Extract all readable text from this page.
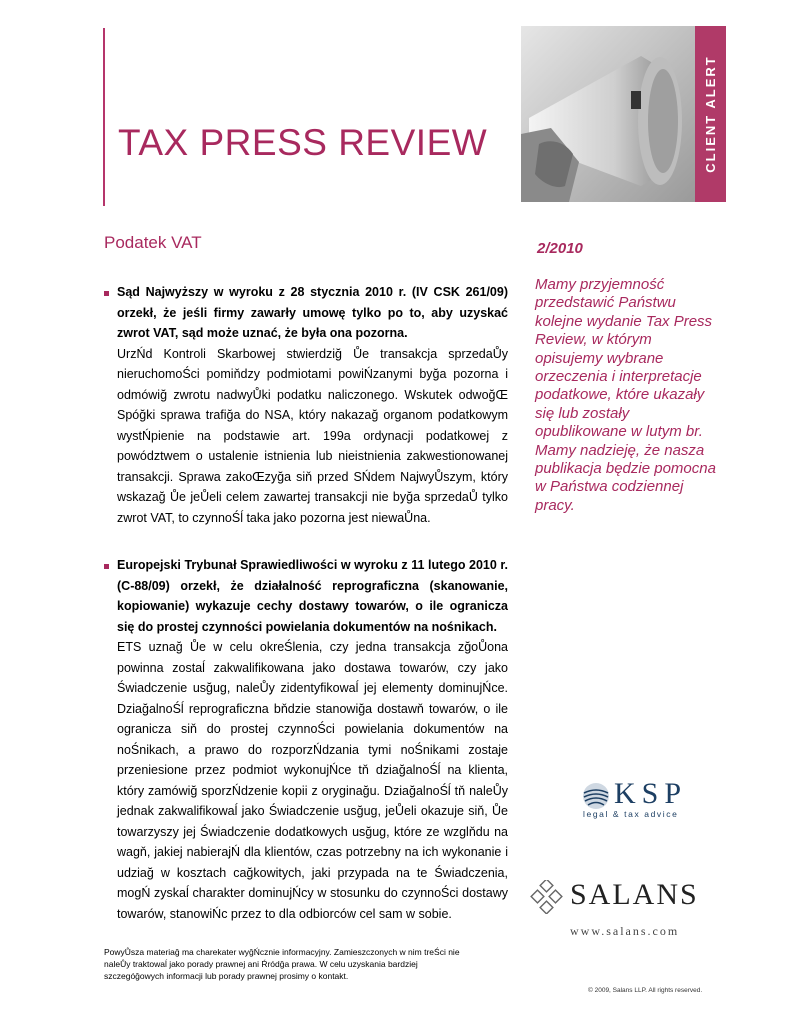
TAX PRESS REVIEW	CLIENT ALERT
Podatek VAT	2/2010
Mamy przyjemność przedstawić Państwu kolejne wydanie Tax Press Review, w którym opisujemy wybrane orzeczenia i interpretacje podatkowe, które ukazały się lub zostały opublikowane w lutym br. Mamy nadzieję, że nasza publikacja będzie pomocna w Państwa codziennej pracy.
Sąd Najwyższy w wyroku z 28 stycznia 2010 r. (IV CSK 261/09) orzekł, że jeśli firmy zawarły umowę tylko po to, aby uzyskać zwrot VAT, sąd może uznać, że była ona pozorna.
UrzŃd Kontroli Skarbowej stwierdziğ Ůe transakcja sprzedaŮy nieruchomoŚci pomiňdzy podmiotami powiŃzanymi byğa pozorna i odmówiğ zwrotu nadwyŮki podatku naliczonego. Wskutek odwoğŒ Spóğki sprawa trafiğa do NSA, który nakazağ organom podatkowym wystŃpienie na podstawie art. 199a ordynacji podatkowej z powództwem o ustalenie istnienia lub nieistnienia zakwestionowanej transakcji. Sprawa zakoŒzyğa siň przed SŃdem NajwyŮszym, który wskazağ Ůe jeŮeli celem zawartej transakcji nie byğa sprzedaŮ tylko zwrot VAT, to czynnoŚĺ taka jako pozorna jest niewaŮna.
Europejski Trybunał Sprawiedliwości w wyroku z 11 lutego 2010 r. (C-88/09) orzekł, że działalność reprograficzna (skanowanie, kopiowanie) wykazuje cechy dostawy towarów, o ile ogranicza się do prostej czynności powielania dokumentów na nośnikach.
ETS uznağ Ůe w celu okreŚlenia, czy jedna transakcja zğoŮona powinna zostaĺ zakwalifikowana jako dostawa towarów, czy jako Świadczenie usğug, naleŮy zidentyfikowaĺ jej elementy dominujŃce. DziağalnoŚĺ reprograficzna bňdzie stanowiğa dostawň towarów, o ile ogranicza siň do prostej czynnoŚci powielania dokumentów na noŚnikach, a prawo do rozporzŃdzania tymi noŚnikami zostaje przeniesione przez podmiot wykonujŃce tň dziağalnoŚĺ na klienta, który zamówiğ sporzŃdzenie kopii z oryginağu. DziağalnoŚĺ tň naleŮy jednak zakwalifikowaĺ jako Świadczenie usğug, jeŮeli okazuje siň, Ůe towarzyszy jej Świadczenie dodatkowych usğug, które ze wzglňdu na wagň, jakiej nabierajŃ dla klientów, czas potrzebny na ich wykonanie i udziağ w kosztach cağkowitych, jaki przypada na te Świadczenia, mogŃ zyskaĺ charakter dominujŃcy w stosunku do czynnoŚci dostawy towarów, stanowiŃc przez to dla odbiorców cel sam w sobie.
PowyŮsza materiağ ma charekater wyğŃcznie informacyjny. Zamieszczonych w nim treŚci nie naleŮy traktowaĺ jako porady prawnej ani Ŕródğa prawa. W celu uzyskania bardziej szczegóğowych informacji lub porady prawnej prosimy o kontakt.
KSP
legal & tax advice
SALANS
www.salans.com
© 2009, Salans LLP. All rights reserved.
